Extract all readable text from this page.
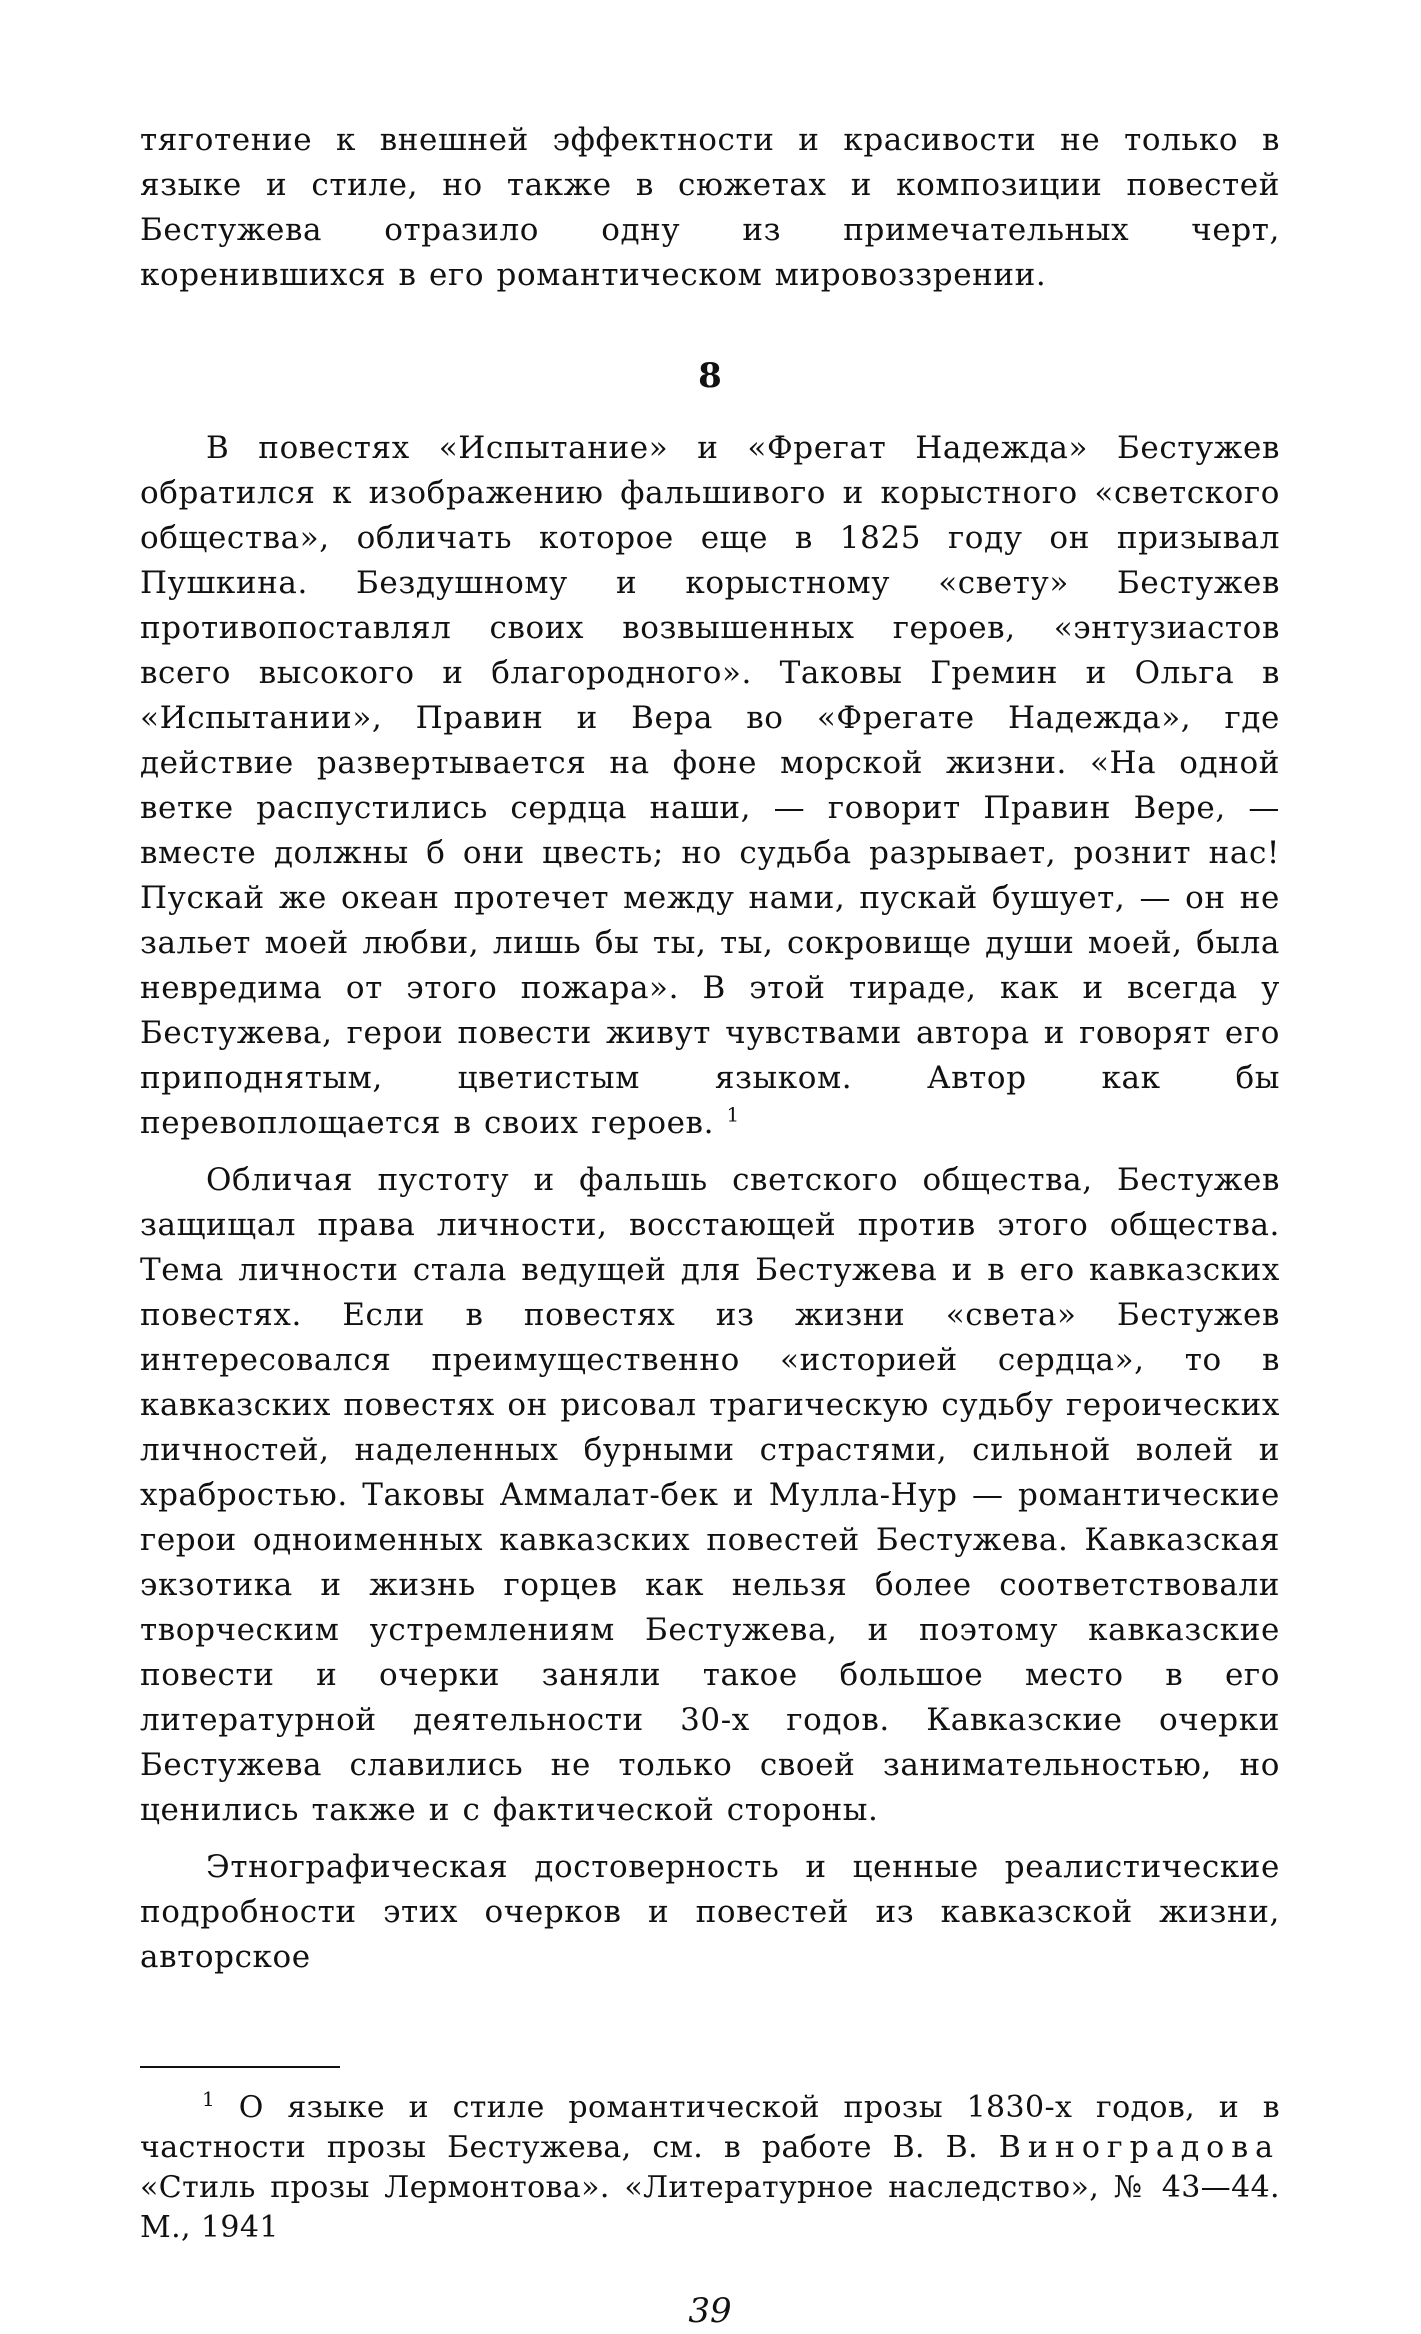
тяготение к внешней эффектности и красивости не только в языке и стиле, но также в сюжетах и композиции повестей Бестужева отразило одну из примечательных черт, коренившихся в его романтическом мировоззрении.

8

В повестях «Испытание» и «Фрегат Надежда» Бестужев обратился к изображению фальшивого и корыстного «светского общества», обличать которое еще в 1825 году он призывал Пушкина. Бездушному и корыстному «свету» Бестужев противопоставлял своих возвышенных героев, «энтузиастов всего высокого и благородного». Таковы Гремин и Ольга в «Испытании», Правин и Вера во «Фрегате Надежда», где действие развертывается на фоне морской жизни. «На одной ветке распустились сердца наши, — говорит Правин Вере, — вместе должны б они цвесть; но судьба разрывает, рознит нас! Пускай же океан протечет между нами, пускай бушует, — он не зальет моей любви, лишь бы ты, ты, сокровище души моей, была невредима от этого пожара». В этой тираде, как и всегда у Бестужева, герои повести живут чувствами автора и говорят его приподнятым, цветистым языком. Автор как бы перевоплощается в своих героев. $^1$

Обличая пустоту и фальшь светского общества, Бестужев защищал права личности, восстающей против этого общества. Тема личности стала ведущей для Бестужева и в его кавказских повестях. Если в повестях из жизни «света» Бестужев интересовался преимущественно «историей сердца», то в кавказских повестях он рисовал трагическую судьбу героических личностей, наделенных бурными страстями, сильной волей и храбростью. Таковы Аммалат-бек и Мулла-Нур — романтические герои одноименных кавказских повестей Бестужева. Кавказская экзотика и жизнь горцев как нельзя более соответствовали творческим устремлениям Бестужева, и поэтому кавказские повести и очерки заняли такое большое место в его литературной деятельности 30-х годов. Кавказские очерки Бестужева славились не только своей занимательностью, но ценились также и с фактической стороны.

Этнографическая достоверность и ценные реалистические подробности этих очерков и повестей из кавказской жизни, авторское

$^1$ О языке и стиле романтической прозы 1830-х годов, и в частности прозы Бестужева, см. в работе В. В. Виноградова «Стиль прозы Лермонтова». «Литературное наследство», № 43—44. М., 1941

39
